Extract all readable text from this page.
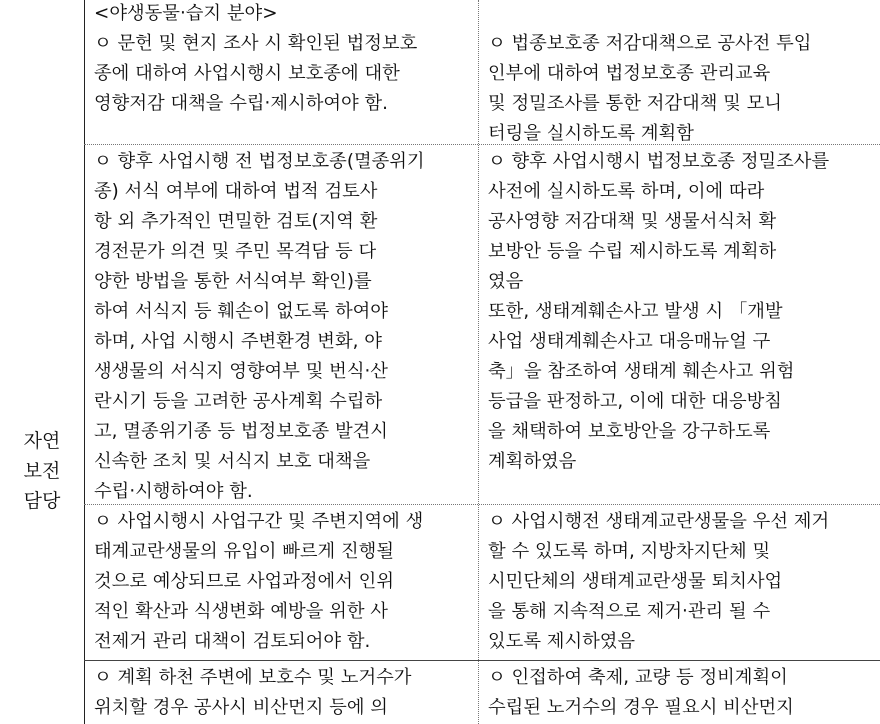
자연
보전
담당
<야생동물·습지 분야>
ㅇ 문헌 및 현지 조사 시 확인된 법정보호
종에 대하여 사업시행시 보호종에 대한
영향저감 대책을 수립·제시하여야 함.
ㅇ 법종보호종 저감대책으로 공사전 투입
인부에 대하여 법정보호종 관리교육
및 정밀조사를 통한 저감대책 및 모니
터링을 실시하도록 계획함
ㅇ 향후 사업시행 전 법정보호종(멸종위기
종) 서식 여부에 대하여 법적 검토사
항 외 추가적인 면밀한 검토(지역 환
경전문가 의견 및 주민 목격담 등 다
양한 방법을 통한 서식여부 확인)를
하여 서식지 등 훼손이 없도록 하여야
하며, 사업 시행시 주변환경 변화, 야
생생물의 서식지 영향여부 및 번식·산
란시기 등을 고려한 공사계획 수립하
고, 멸종위기종 등 법정보호종 발견시
신속한 조치 및 서식지 보호 대책을
수립·시행하여야 함.
ㅇ 향후 사업시행시 법정보호종 정밀조사를
사전에 실시하도록 하며, 이에 따라
공사영향 저감대책 및 생물서식처 확
보방안 등을 수립 제시하도록 계획하
였음
또한, 생태계훼손사고 발생 시 「개발
사업 생태계훼손사고 대응매뉴얼 구
축」을 참조하여 생태계 훼손사고 위험
등급을 판정하고, 이에 대한 대응방침
을 채택하여 보호방안을 강구하도록
계획하였음
ㅇ 사업시행시 사업구간 및 주변지역에 생
태계교란생물의 유입이 빠르게 진행될
것으로 예상되므로 사업과정에서 인위
적인 확산과 식생변화 예방을 위한 사
전제거 관리 대책이 검토되어야 함.
ㅇ 사업시행전 생태계교란생물을 우선 제거
할 수 있도록 하며, 지방차지단체 및
시민단체의 생태계교란생물 퇴치사업
을 통해 지속적으로 제거·관리 될 수
있도록 제시하였음
ㅇ 계획 하천 주변에 보호수 및 노거수가
위치할 경우 공사시 비산먼지 등에 의
ㅇ 인접하여 축제, 교량 등 정비계획이
수립된 노거수의 경우 필요시 비산먼지
